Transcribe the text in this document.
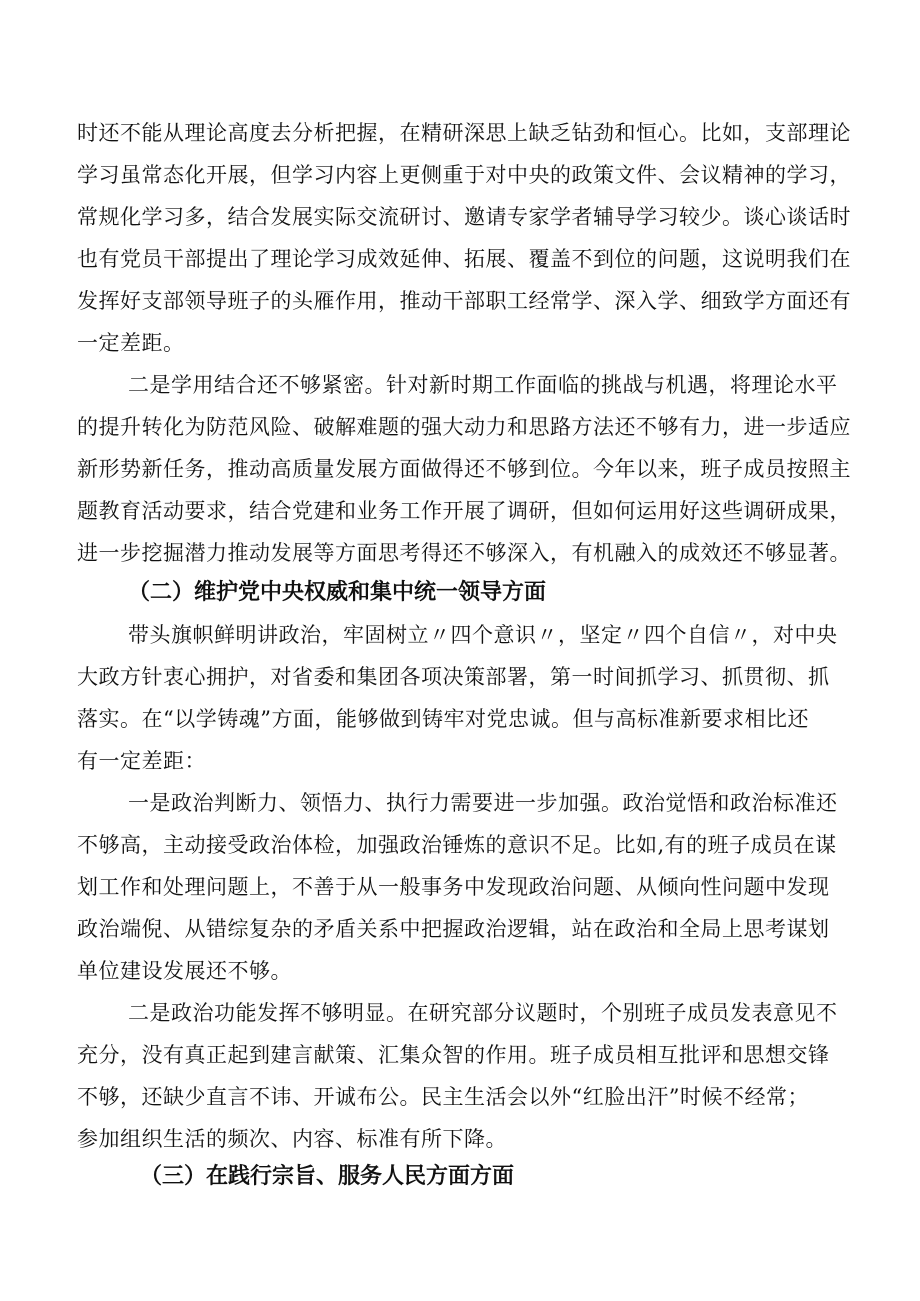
时还不能从理论高度去分析把握，在精研深思上缺乏钻劲和恒心。比如，支部理论
学习虽常态化开展，但学习内容上更侧重于对中央的政策文件、会议精神的学习，
常规化学习多，结合发展实际交流研讨、邀请专家学者辅导学习较少。谈心谈话时
也有党员干部提出了理论学习成效延伸、拓展、覆盖不到位的问题，这说明我们在
发挥好支部领导班子的头雁作用，推动干部职工经常学、深入学、细致学方面还有
一定差距。
二是学用结合还不够紧密。针对新时期工作面临的挑战与机遇，将理论水平
的提升转化为防范风险、破解难题的强大动力和思路方法还不够有力，进一步适应
新形势新任务，推动高质量发展方面做得还不够到位。今年以来，班子成员按照主
题教育活动要求，结合党建和业务工作开展了调研，但如何运用好这些调研成果，
进一步挖掘潜力推动发展等方面思考得还不够深入，有机融入的成效还不够显著。
（二）维护党中央权威和集中统一领导方面
带头旗帜鲜明讲政治，牢固树立〃四个意识〃，坚定〃四个自信〃，对中央
大政方针衷心拥护，对省委和集团各项决策部署，第一时间抓学习、抓贯彻、抓
落实。在“以学铸魂”方面，能够做到铸牢对党忠诚。但与高标准新要求相比还
有一定差距：
一是政治判断力、领悟力、执行力需要进一步加强。政治觉悟和政治标准还
不够高，主动接受政治体检，加强政治锤炼的意识不足。比如,有的班子成员在谋
划工作和处理问题上，不善于从一般事务中发现政治问题、从倾向性问题中发现
政治端倪、从错综复杂的矛盾关系中把握政治逻辑，站在政治和全局上思考谋划
单位建设发展还不够。
二是政治功能发挥不够明显。在研究部分议题时，个别班子成员发表意见不
充分，没有真正起到建言献策、汇集众智的作用。班子成员相互批评和思想交锋
不够，还缺少直言不讳、开诚布公。民主生活会以外“红脸出汗”时候不经常；
参加组织生活的频次、内容、标准有所下降。
（三）在践行宗旨、服务人民方面方面
